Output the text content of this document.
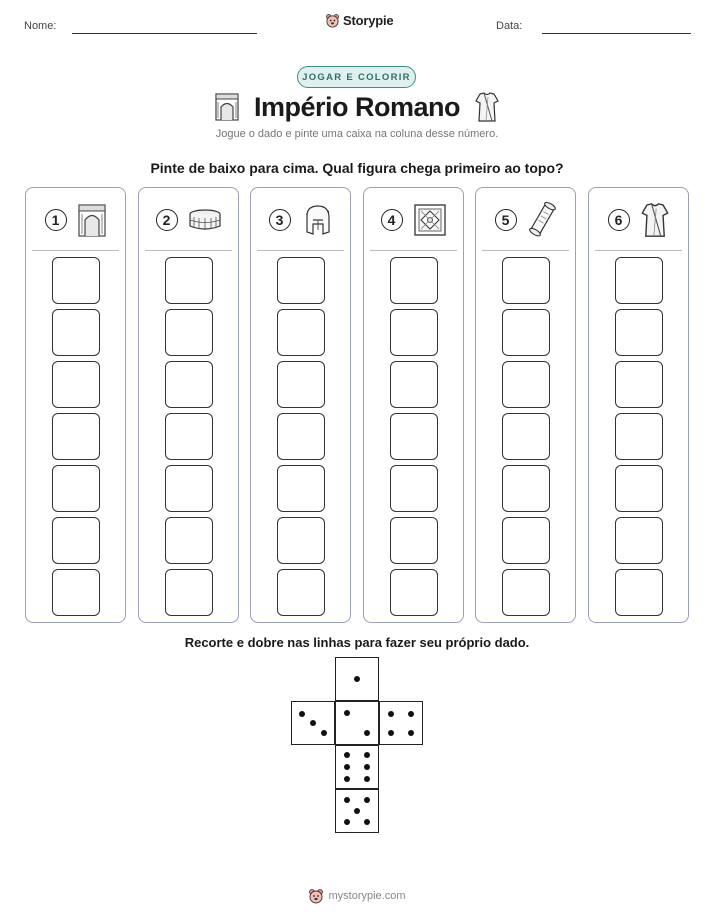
Nome:	Data:
Storypie
JOGAR E COLORIR
Império Romano
Jogue o dado e pinte uma caixa na coluna desse número.
Pinte de baixo para cima. Qual figura chega primeiro ao topo?
1	2	3	4	5	6
Recorte e dobre nas linhas para fazer seu próprio dado.
mystorypie.com
